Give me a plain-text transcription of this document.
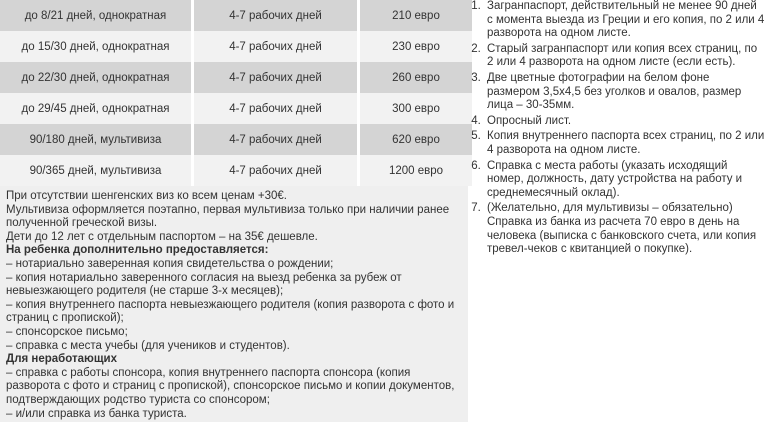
до 8/21 дней, однократная	4-7 рабочих дней	210 евро
до 15/30 дней, однократная	4-7 рабочих дней	230 евро
до 22/30 дней, однократная	4-7 рабочих дней	260 евро
до 29/45 дней, однократная	4-7 рабочих дней	300 евро
90/180 дней, мультивиза	4-7 рабочих дней	620 евро
90/365 дней, мультивиза	4-7 рабочих дней	1200 евро
При отсутствии шенгенских виз ко всем ценам +30€.
Мультивиза оформляется поэтапно, первая мультивиза только при наличии ранее полученной греческой визы.
Дети до 12 лет с отдельным паспортом – на 35€ дешевле.
На ребенка дополнительно предоставляется:
– нотариально заверенная копия свидетельства о рождении;
– копия нотариально заверенного согласия на выезд ребенка за рубеж от невыезжающего родителя (не старше 3-х месяцев);
– копия внутреннего паспорта невыезжающего родителя (копия разворота с фото и страниц с пропиской);
– спонсорское письмо;
– справка с места учебы (для учеников и студентов).
Для неработающих
– справка с работы спонсора, копия внутреннего паспорта спонсора (копия разворота с фото и страниц с пропиской), спонсорское письмо и копии документов, подтверждающих родство туриста со спонсором;
– и/или справка из банка туриста.
1. Загранпаспорт, действительный не менее 90 дней с момента выезда из Греции и его копия, по 2 или 4 разворота на одном листе.
2. Старый загранпаспорт или копия всех страниц, по 2 или 4 разворота на одном листе (если есть).
3. Две цветные фотографии на белом фоне размером 3,5х4,5 без уголков и овалов, размер лица – 30-35мм.
4. Опросный лист.
5. Копия внутреннего паспорта всех страниц, по 2 или 4 разворота на одном листе.
6. Справка с места работы (указать исходящий номер, должность, дату устройства на работу и среднемесячный оклад).
7. (Желательно, для мультивизы – обязательно) Справка из банка из расчета 70 евро в день на человека (выписка с банковского счета, или копия тревел-чеков с квитанцией о покупке).
